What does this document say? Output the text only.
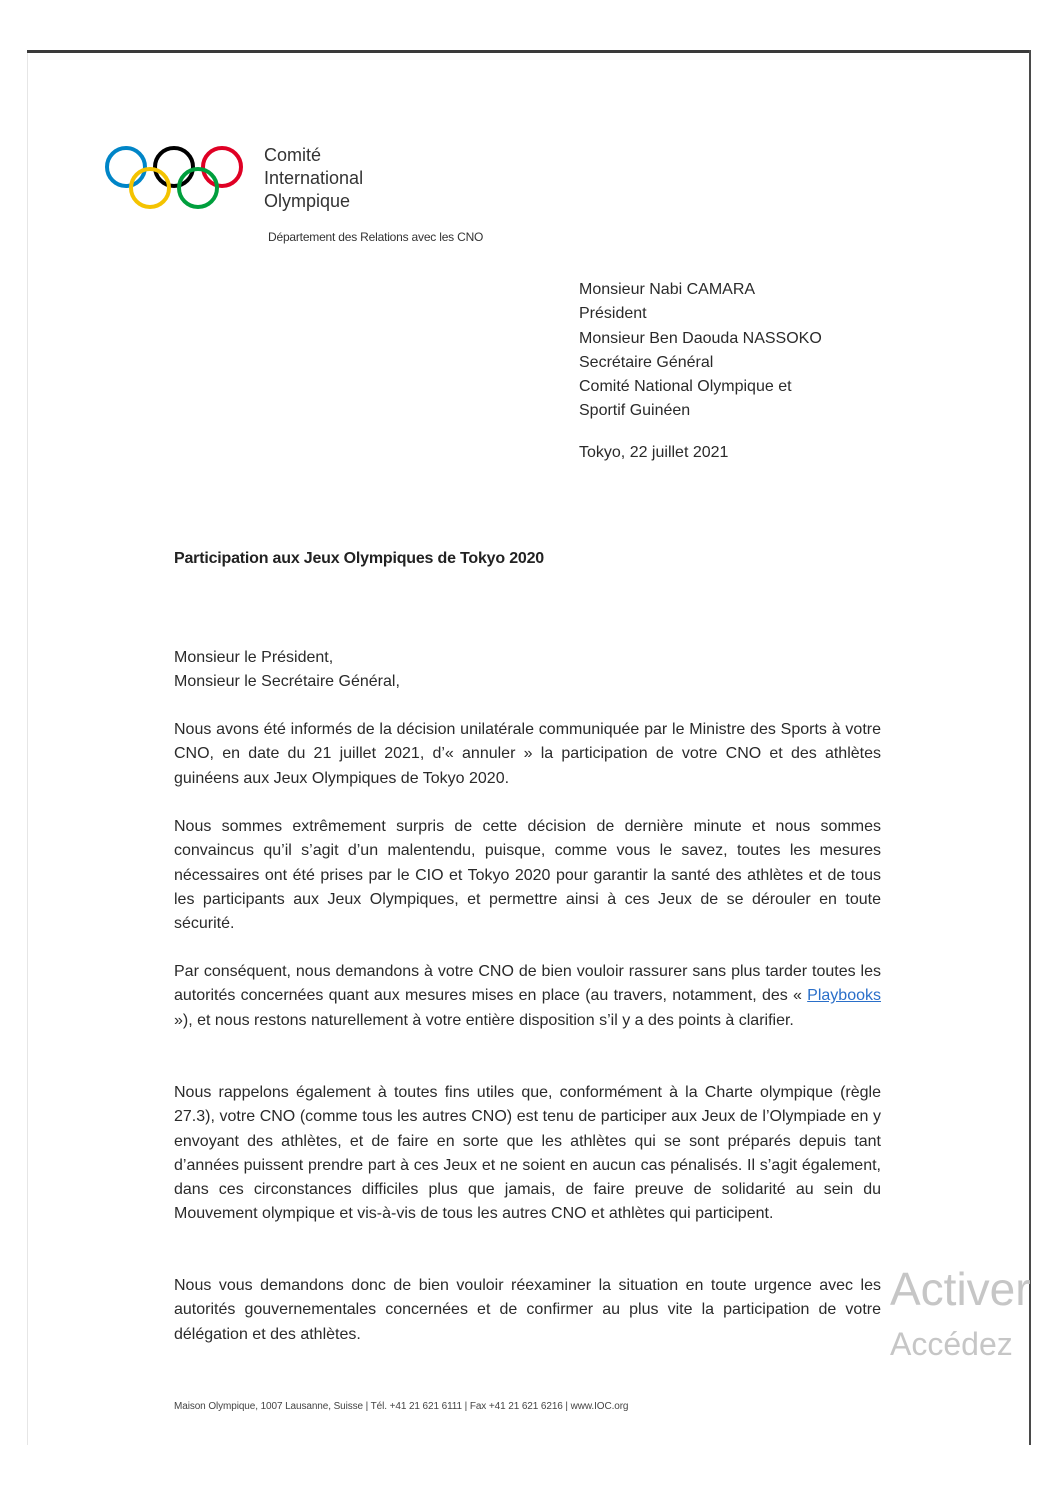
Comité
International
Olympique
Département des Relations avec les CNO
Monsieur Nabi CAMARA
Président
Monsieur Ben Daouda NASSOKO
Secrétaire Général
Comité National Olympique et
Sportif Guinéen
Tokyo, 22 juillet 2021
Participation aux Jeux Olympiques de Tokyo 2020
Monsieur le Président,
Monsieur le Secrétaire Général,

Nous avons été informés de la décision unilatérale communiquée par le Ministre des Sports à votre CNO, en date du 21 juillet 2021, d’« annuler » la participation de votre CNO et des athlètes guinéens aux Jeux Olympiques de Tokyo 2020.

Nous sommes extrêmement surpris de cette décision de dernière minute et nous sommes convaincus qu’il s’agit d’un malentendu, puisque, comme vous le savez, toutes les mesures nécessaires ont été prises par le CIO et Tokyo 2020 pour garantir la santé des athlètes et de tous les participants aux Jeux Olympiques, et permettre ainsi à ces Jeux de se dérouler en toute sécurité.

Par conséquent, nous demandons à votre CNO de bien vouloir rassurer sans plus tarder toutes les autorités concernées quant aux mesures mises en place (au travers, notamment, des « Playbooks »), et nous restons naturellement à votre entière disposition s’il y a des points à clarifier.

Nous rappelons également à toutes fins utiles que, conformément à la Charte olympique (règle 27.3), votre CNO (comme tous les autres CNO) est tenu de participer aux Jeux de l’Olympiade en y envoyant des athlètes, et de faire en sorte que les athlètes qui se sont préparés depuis tant d’années puissent prendre part à ces Jeux et ne soient en aucun cas pénalisés. Il s’agit également, dans ces circonstances difficiles plus que jamais, de faire preuve de solidarité au sein du Mouvement olympique et vis-à-vis de tous les autres CNO et athlètes qui participent.

Nous vous demandons donc de bien vouloir réexaminer la situation en toute urgence avec les autorités gouvernementales concernées et de confirmer au plus vite la participation de votre délégation et des athlètes.

Maison Olympique, 1007 Lausanne, Suisse | Tél. +41 21 621 6111 | Fax +41 21 621 6216 | www.IOC.org
Activer
Accédez
